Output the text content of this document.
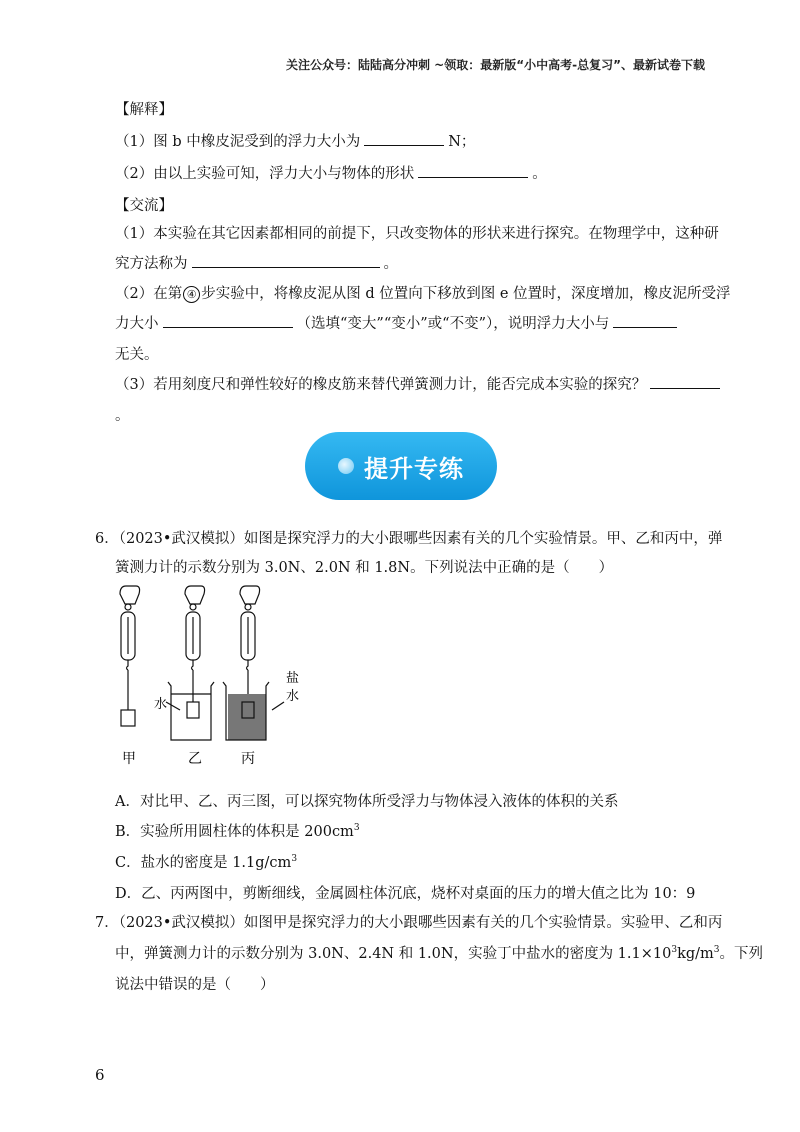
关注公众号：陆陆高分冲刺 ~领取：最新版“小中高考-总复习”、最新试卷下载
【解释】
（1）图 b 中橡皮泥受到的浮力大小为	N；
（2）由以上实验可知，浮力大小与物体的形状	。
【交流】
（1）本实验在其它因素都相同的前提下，只改变物体的形状来进行探究。在物理学中，这种研
究方法称为	。
（2）在第 ④ 步实验中，将橡皮泥从图 d 位置向下移放到图 e 位置时，深度增加，橡皮泥所受浮
力大小	（选填“变大”“变小”或“不变”），说明浮力大小与
无关。
（3）若用刻度尺和弹性较好的橡皮筋来替代弹簧测力计，能否完成本实验的探究？
。
提升专练
6．（2023•武汉模拟）如图是探究浮力的大小跟哪些因素有关的几个实验情景。甲、乙和丙中，弹
簧测力计的示数分别为 3.0N、2.0N 和 1.8N。下列说法中正确的是（　　）
水
盐
水
甲	乙	丙
A．对比甲、乙、丙三图，可以探究物体所受浮力与物体浸入液体的体积的关系
B．实验所用圆柱体的体积是 $200cm^3$
C．盐水的密度是 $1.1g/cm^3$
D．乙、丙两图中，剪断细线，金属圆柱体沉底，烧杯对桌面的压力的增大值之比为 10：9
7．（2023•武汉模拟）如图甲是探究浮力的大小跟哪些因素有关的几个实验情景。实验甲、乙和丙
中，弹簧测力计的示数分别为 3.0N、2.4N 和 1.0N，实验丁中盐水的密度为 $1.1\times 10^3kg/m^3$。下列
说法中错误的是（　　）
6
